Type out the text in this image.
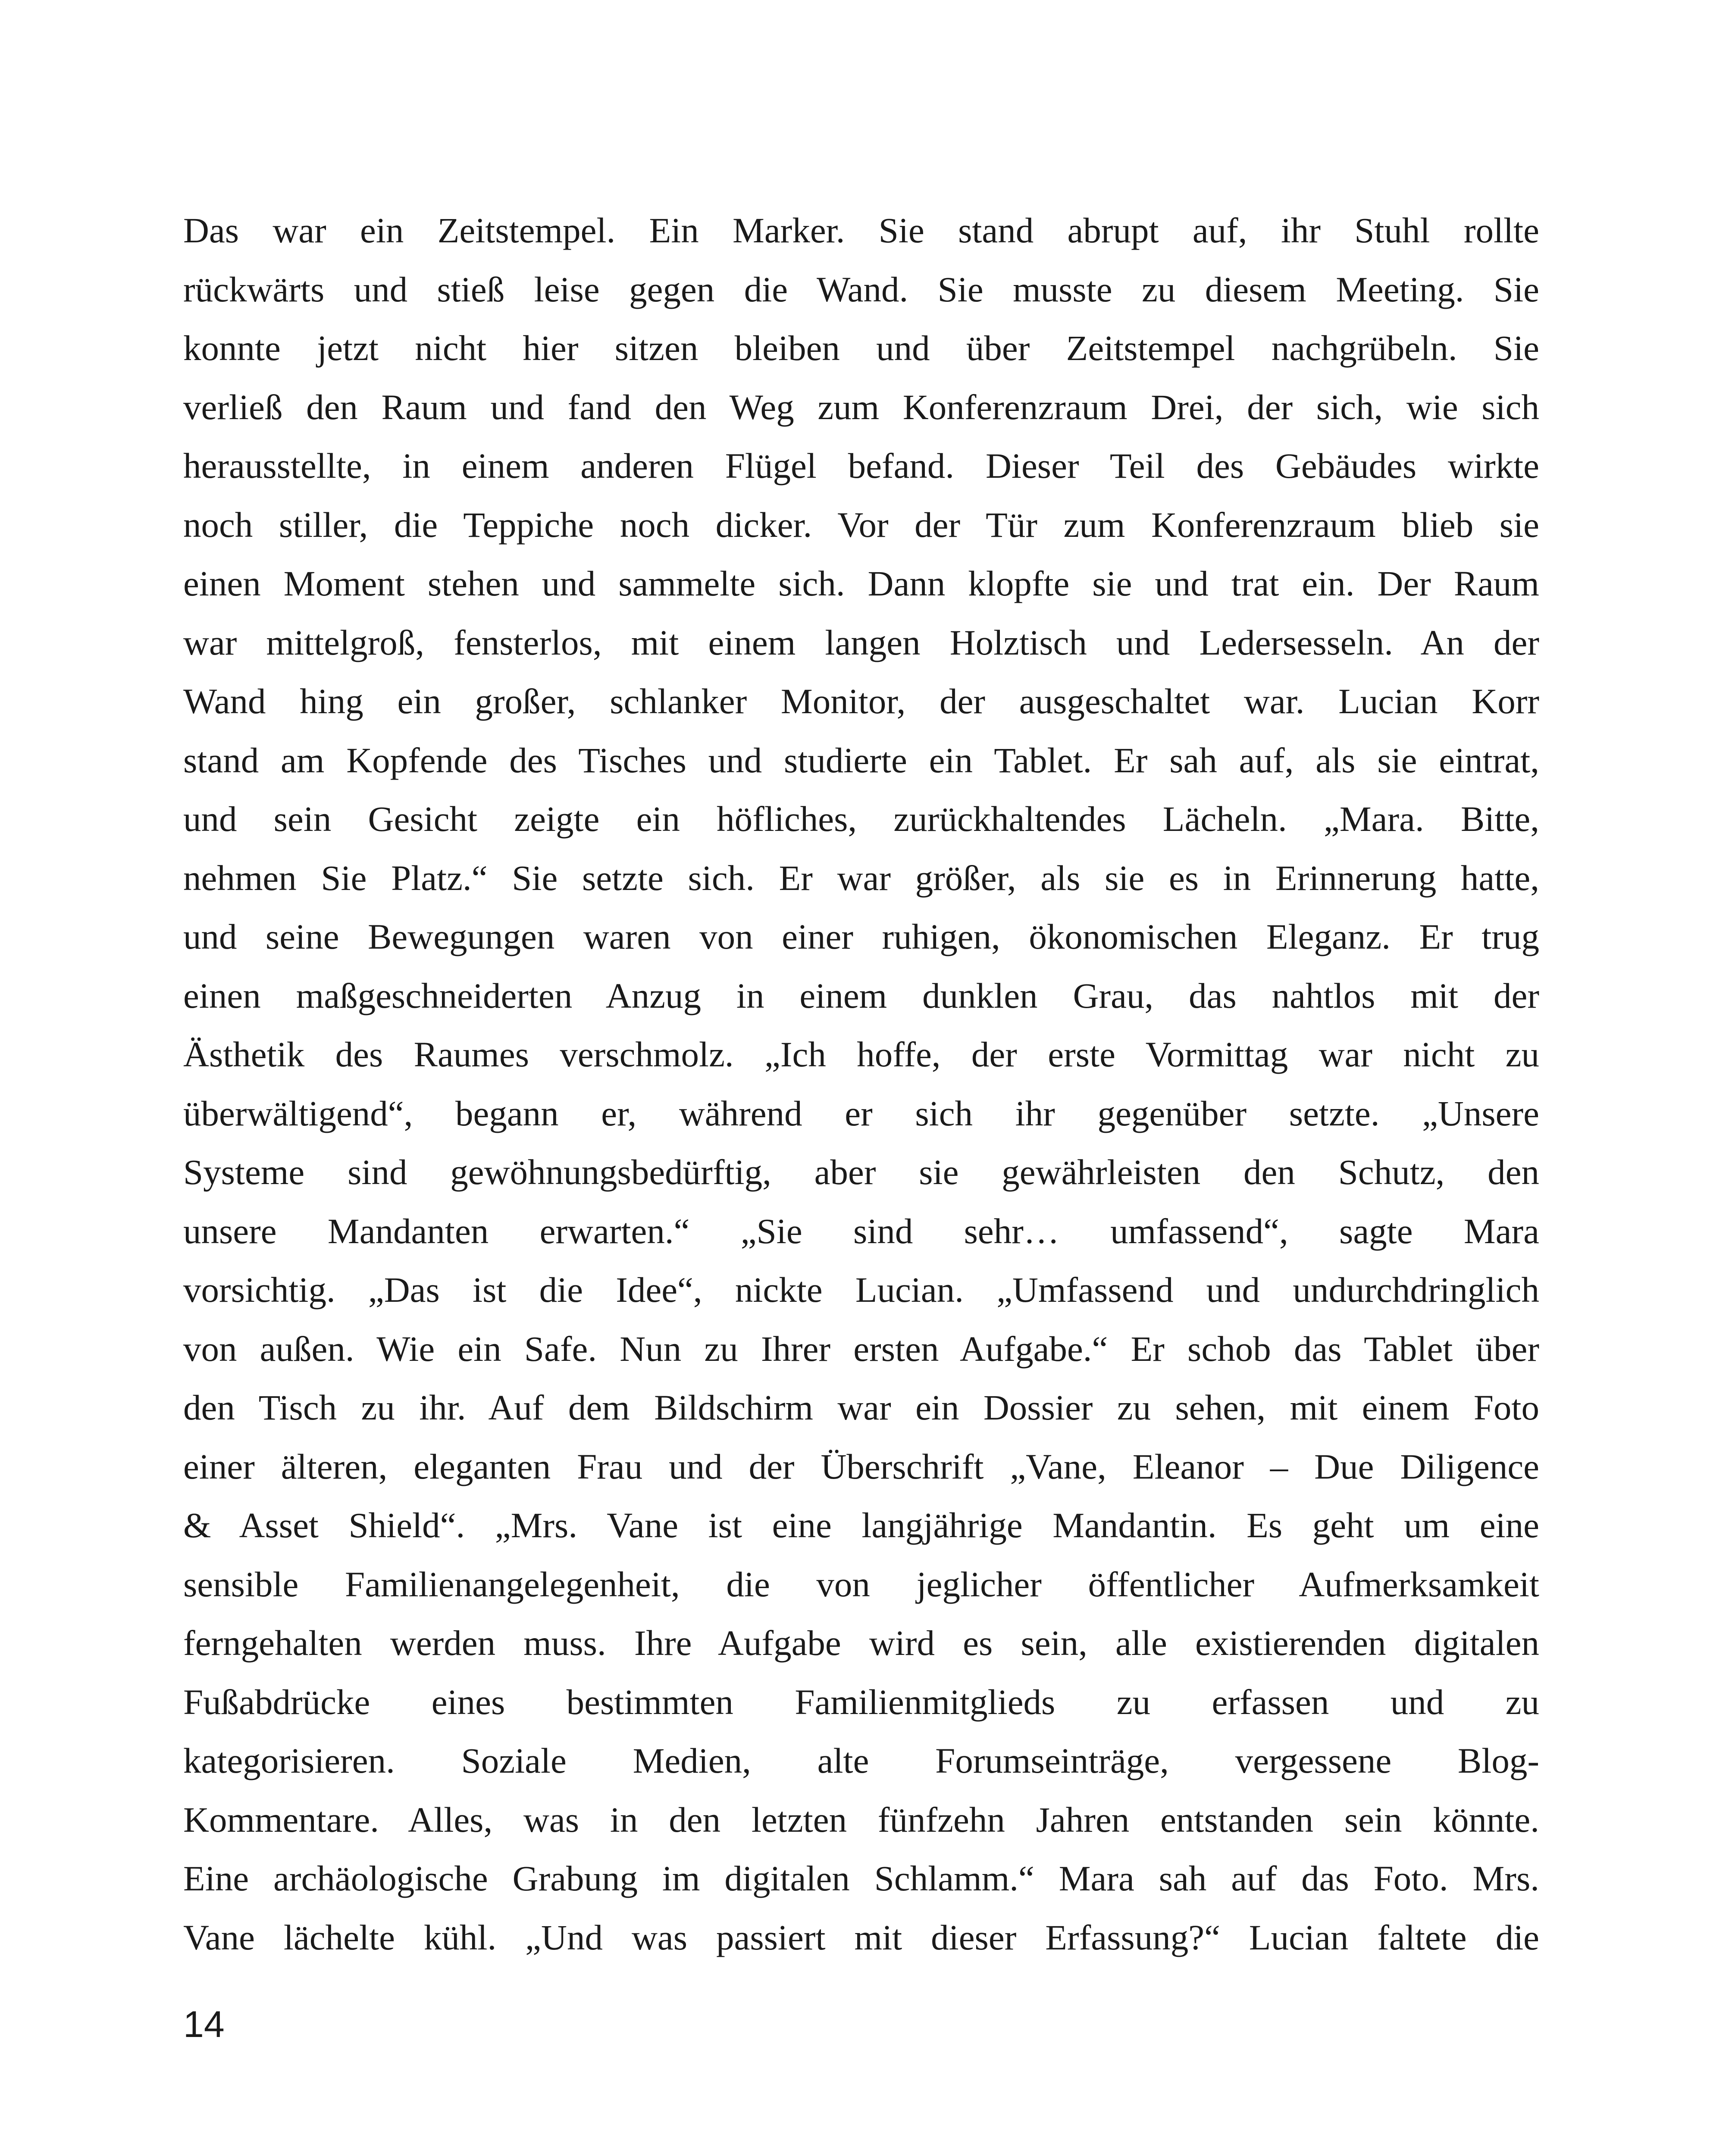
Das war ein Zeitstempel. Ein Marker. Sie stand abrupt auf, ihr Stuhl rollte
rückwärts und stieß leise gegen die Wand. Sie musste zu diesem Meeting. Sie
konnte jetzt nicht hier sitzen bleiben und über Zeitstempel nachgrübeln. Sie
verließ den Raum und fand den Weg zum Konferenzraum Drei, der sich, wie sich
herausstellte, in einem anderen Flügel befand. Dieser Teil des Gebäudes wirkte
noch stiller, die Teppiche noch dicker. Vor der Tür zum Konferenzraum blieb sie
einen Moment stehen und sammelte sich. Dann klopfte sie und trat ein. Der Raum
war mittelgroß, fensterlos, mit einem langen Holztisch und Ledersesseln. An der
Wand hing ein großer, schlanker Monitor, der ausgeschaltet war. Lucian Korr
stand am Kopfende des Tisches und studierte ein Tablet. Er sah auf, als sie eintrat,
und sein Gesicht zeigte ein höfliches, zurückhaltendes Lächeln. „Mara. Bitte,
nehmen Sie Platz.“ Sie setzte sich. Er war größer, als sie es in Erinnerung hatte,
und seine Bewegungen waren von einer ruhigen, ökonomischen Eleganz. Er trug
einen maßgeschneiderten Anzug in einem dunklen Grau, das nahtlos mit der
Ästhetik des Raumes verschmolz. „Ich hoffe, der erste Vormittag war nicht zu
überwältigend“, begann er, während er sich ihr gegenüber setzte. „Unsere
Systeme sind gewöhnungsbedürftig, aber sie gewährleisten den Schutz, den
unsere Mandanten erwarten.“ „Sie sind sehr… umfassend“, sagte Mara
vorsichtig. „Das ist die Idee“, nickte Lucian. „Umfassend und undurchdringlich
von außen. Wie ein Safe. Nun zu Ihrer ersten Aufgabe.“ Er schob das Tablet über
den Tisch zu ihr. Auf dem Bildschirm war ein Dossier zu sehen, mit einem Foto
einer älteren, eleganten Frau und der Überschrift „Vane, Eleanor – Due Diligence
& Asset Shield“. „Mrs. Vane ist eine langjährige Mandantin. Es geht um eine
sensible Familienangelegenheit, die von jeglicher öffentlicher Aufmerksamkeit
ferngehalten werden muss. Ihre Aufgabe wird es sein, alle existierenden digitalen
Fußabdrücke eines bestimmten Familienmitglieds zu erfassen und zu
kategorisieren. Soziale Medien, alte Forumseinträge, vergessene Blog-
Kommentare. Alles, was in den letzten fünfzehn Jahren entstanden sein könnte.
Eine archäologische Grabung im digitalen Schlamm.“ Mara sah auf das Foto. Mrs.
Vane lächelte kühl. „Und was passiert mit dieser Erfassung?“ Lucian faltete die
14
